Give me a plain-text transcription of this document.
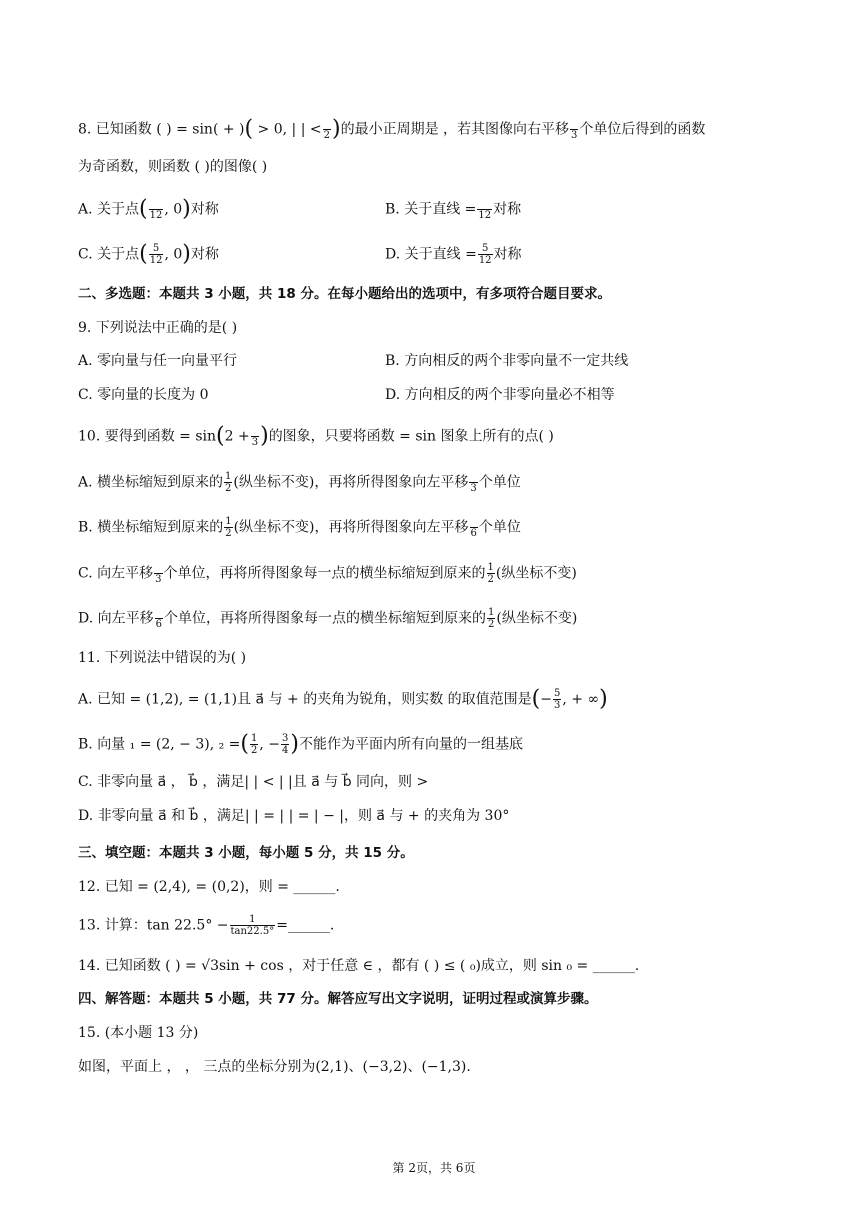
8. 已知函数 ( ) = sin( + )( > 0, | | <
2 )的最小正周期是 ，若其图像向右平移
3 个单位后得到的函数
为奇函数，则函数 ( )的图像( )
A. 关于点(
12 , 0)对称	B. 关于直线 =
12 对称
C. 关于点( $\frac{5}{12}$ , 0)对称	D. 关于直线 = $\frac{5}{12}$ 对称
二、多选题：本题共 3 小题，共 18 分。在每小题给出的选项中，有多项符合题目要求。
9. 下列说法中正确的是( )
A. 零向量与任一向量平行	B. 方向相反的两个非零向量不一定共线
C. 零向量的长度为 0	D. 方向相反的两个非零向量必不相等
10. 要得到函数 = sin(2 +
3 )的图象，只要将函数 = sin 图象上所有的点( )
A. 横坐标缩短到原来的 $\frac{1}{2}$ (纵坐标不变)，再将所得图象向左平移
3 个单位
B. 横坐标缩短到原来的 $\frac{1}{2}$ (纵坐标不变)，再将所得图象向左平移
6 个单位
C. 向左平移
3 个单位，再将所得图象每一点的横坐标缩短到原来的 $\frac{1}{2}$ (纵坐标不变)
D. 向左平移
6 个单位，再将所得图象每一点的横坐标缩短到原来的 $\frac{1}{2}$ (纵坐标不变)
11. 下列说法中错误的为( )
A. 已知 = (1,2), = (1,1)且 a⃗ 与 + 的夹角为锐角，则实数 的取值范围是(− $\frac{5}{3}$ , + ∞)
B. 向量 ₁ = (2, − 3), ₂ =( $\frac{1}{2}$ , − $\frac{3}{4}$ )不能作为平面内所有向量的一组基底
C. 非零向量 a⃗ ， b⃗ ，满足| | < | |且 a⃗ 与 b⃗ 同向，则 >
D. 非零向量 a⃗ 和 b⃗ ，满足| | = | | = | − |，则 a⃗ 与 + 的夹角为 30°
三、填空题：本题共 3 小题，每小题 5 分，共 15 分。
12. 已知 = (2,4), = (0,2)，则 = ______.
13. 计算：$\tan 22.5^\circ - \frac{1}{\tan 22.5^\circ}$ =______.
14. 已知函数 ( ) = √3sin + cos ，对于任意 ∈ ，都有 ( ) ≤ ( ₀)成立，则 sin ₀ = ______.
四、解答题：本题共 5 小题，共 77 分。解答应写出文字说明，证明过程或演算步骤。
15. (本小题 13 分)
如图，平面上 ， ， 三点的坐标分别为(2,1)、(−3,2)、(−1,3).
第 2页，共 6页
